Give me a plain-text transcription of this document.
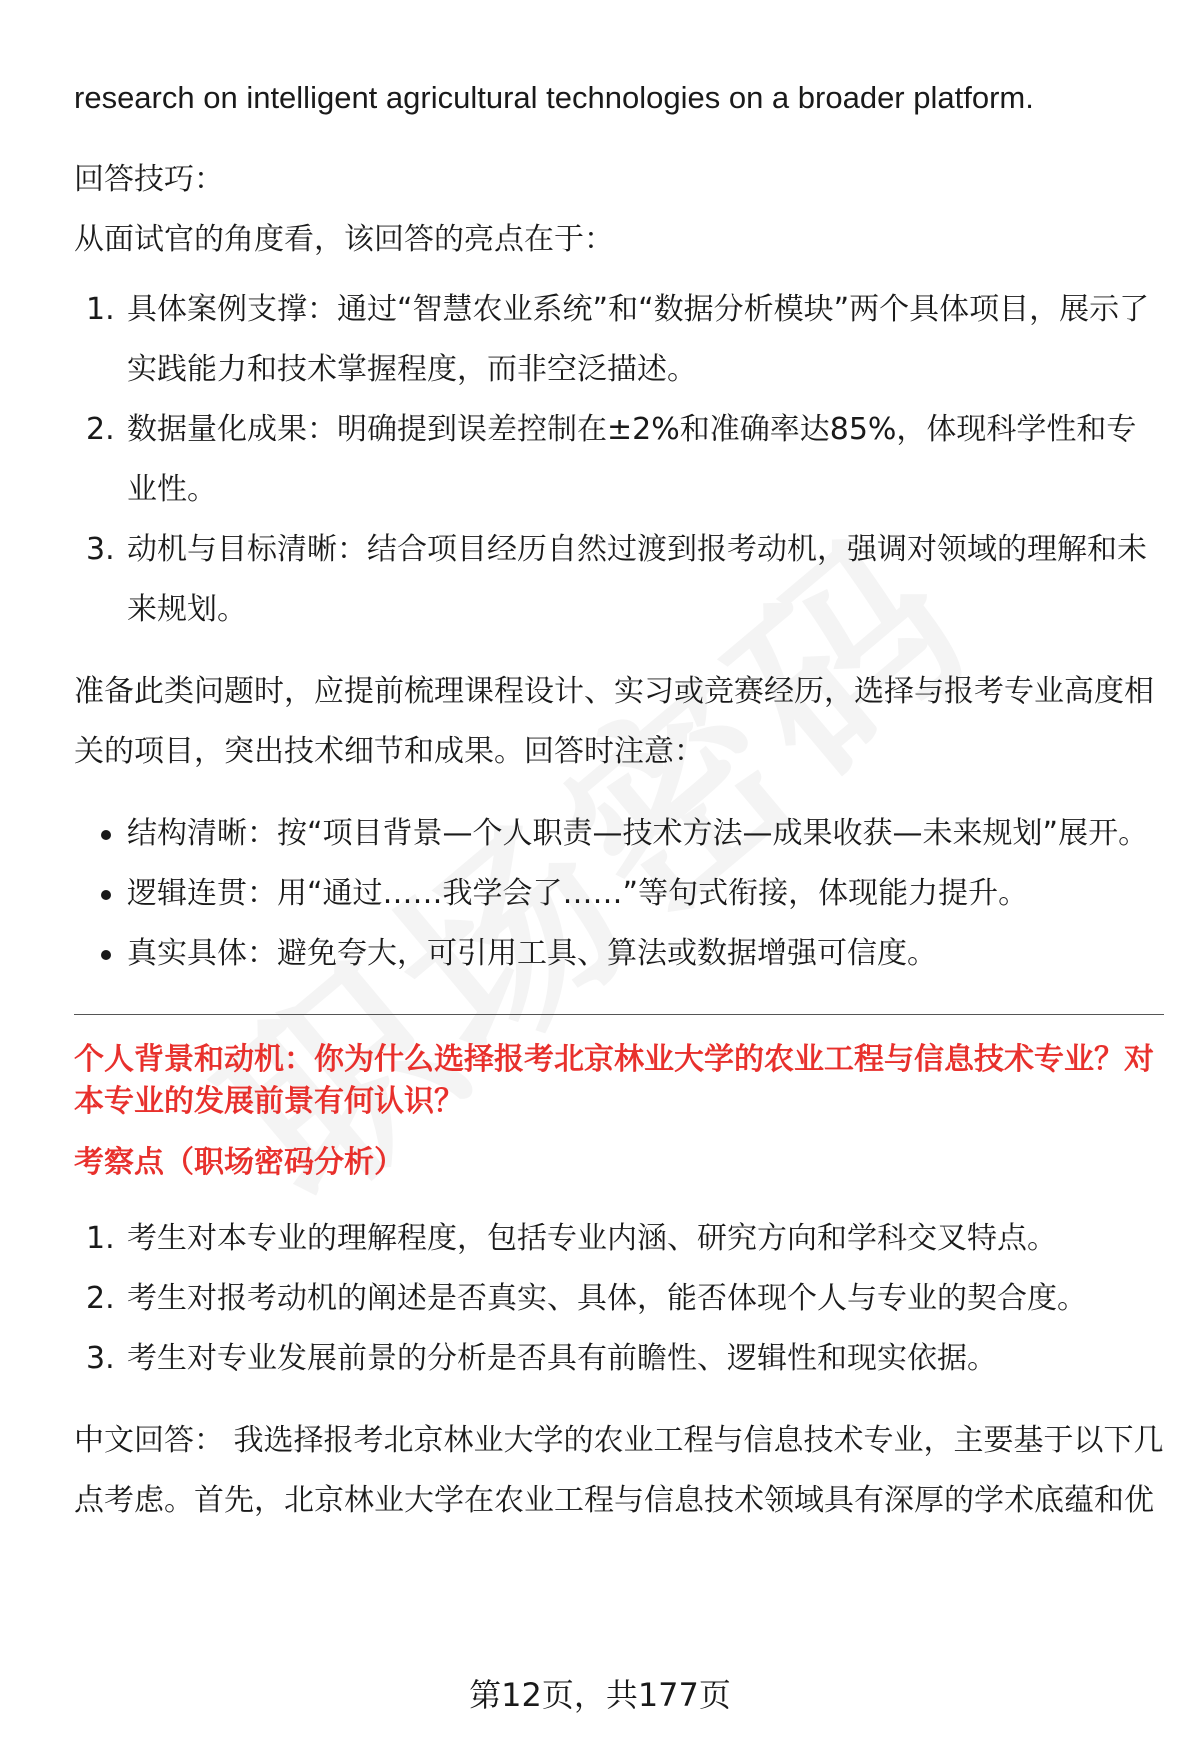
research on intelligent agricultural technologies on a broader platform.

回答技巧：

从面试官的角度看，该回答的亮点在于：

1. 具体案例支撑：通过“智慧农业系统”和“数据分析模块”两个具体项目，展示了实践能力和技术掌握程度，而非空泛描述。
2. 数据量化成果：明确提到误差控制在±2%和准确率达85%，体现科学性和专业性。
3. 动机与目标清晰：结合项目经历自然过渡到报考动机，强调对领域的理解和未来规划。

准备此类问题时，应提前梳理课程设计、实习或竞赛经历，选择与报考专业高度相关的项目，突出技术细节和成果。回答时注意：

结构清晰：按“项目背景—个人职责—技术方法—成果收获—未来规划”展开。
逻辑连贯：用“通过……我学会了……”等句式衔接，体现能力提升。
真实具体：避免夸大，可引用工具、算法或数据增强可信度。

个人背景和动机：你为什么选择报考北京林业大学的农业工程与信息技术专业？对本专业的发展前景有何认识？

考察点（职场密码分析）

1. 考生对本专业的理解程度，包括专业内涵、研究方向和学科交叉特点。
2. 考生对报考动机的阐述是否真实、具体，能否体现个人与专业的契合度。
3. 考生对专业发展前景的分析是否具有前瞻性、逻辑性和现实依据。

中文回答： 我选择报考北京林业大学的农业工程与信息技术专业，主要基于以下几点考虑。首先，北京林业大学在农业工程与信息技术领域具有深厚的学术底蕴和优

第12页，共177页
